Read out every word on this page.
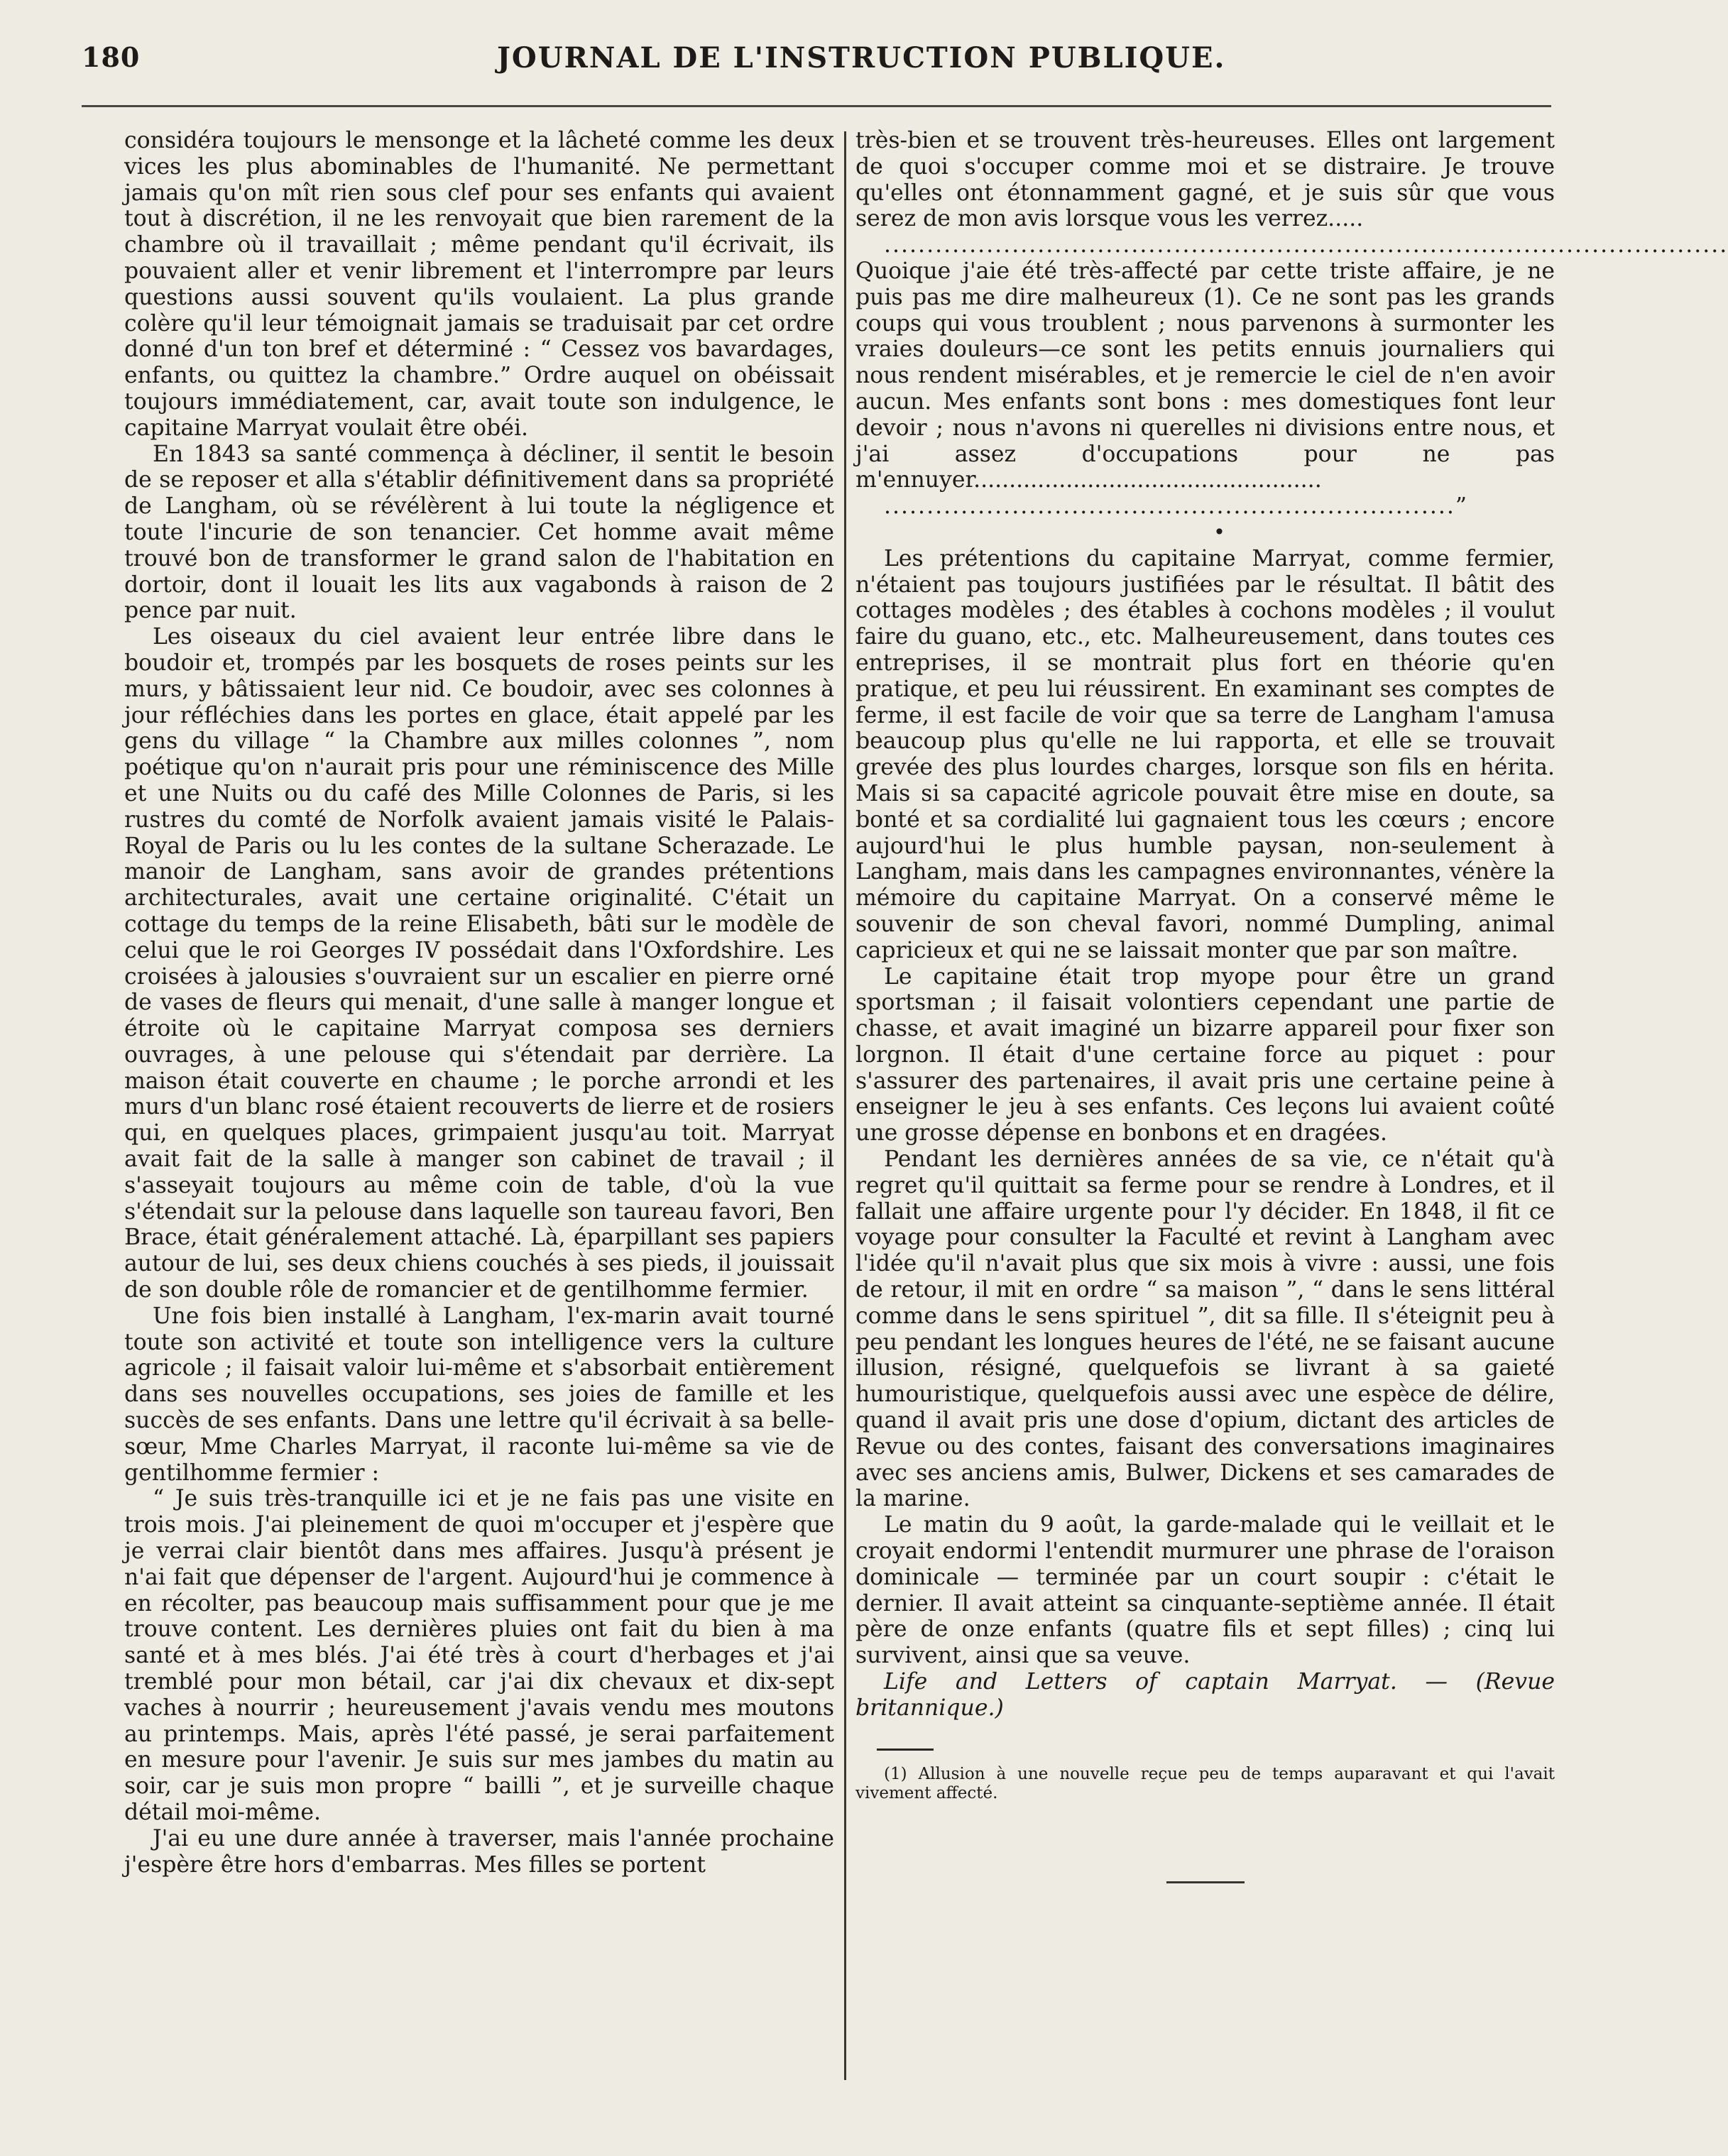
180	JOURNAL DE L'INSTRUCTION PUBLIQUE.

considéra toujours le mensonge et la lâcheté comme les deux vices les plus abominables de l'humanité. Ne permettant jamais qu'on mît rien sous clef pour ses enfants qui avaient tout à discrétion, il ne les renvoyait que bien rarement de la chambre où il travaillait ; même pendant qu'il écrivait, ils pouvaient aller et venir librement et l'interrompre par leurs questions aussi souvent qu'ils voulaient. La plus grande colère qu'il leur témoignait jamais se traduisait par cet ordre donné d'un ton bref et déterminé : “ Cessez vos bavardages, enfants, ou quittez la chambre.” Ordre auquel on obéissait toujours immédiatement, car, avait toute son indulgence, le capitaine Marryat voulait être obéi.

En 1843 sa santé commença à décliner, il sentit le besoin de se reposer et alla s'établir définitivement dans sa propriété de Langham, où se révélèrent à lui toute la négligence et toute l'incurie de son tenancier. Cet homme avait même trouvé bon de transformer le grand salon de l'habitation en dortoir, dont il louait les lits aux vagabonds à raison de 2 pence par nuit.

Les oiseaux du ciel avaient leur entrée libre dans le boudoir et, trompés par les bosquets de roses peints sur les murs, y bâtissaient leur nid. Ce boudoir, avec ses colonnes à jour réfléchies dans les portes en glace, était appelé par les gens du village “ la Chambre aux milles colonnes ”, nom poétique qu'on n'aurait pris pour une réminiscence des Mille et une Nuits ou du café des Mille Colonnes de Paris, si les rustres du comté de Norfolk avaient jamais visité le Palais-Royal de Paris ou lu les contes de la sultane Scherazade. Le manoir de Langham, sans avoir de grandes prétentions architecturales, avait une certaine originalité. C'était un cottage du temps de la reine Elisabeth, bâti sur le modèle de celui que le roi Georges IV possédait dans l'Oxfordshire. Les croisées à jalousies s'ouvraient sur un escalier en pierre orné de vases de fleurs qui menait, d'une salle à manger longue et étroite où le capitaine Marryat composa ses derniers ouvrages, à une pelouse qui s'étendait par derrière. La maison était couverte en chaume ; le porche arrondi et les murs d'un blanc rosé étaient recouverts de lierre et de rosiers qui, en quelques places, grimpaient jusqu'au toit. Marryat avait fait de la salle à manger son cabinet de travail ; il s'asseyait toujours au même coin de table, d'où la vue s'étendait sur la pelouse dans laquelle son taureau favori, Ben Brace, était généralement attaché. Là, éparpillant ses papiers autour de lui, ses deux chiens couchés à ses pieds, il jouissait de son double rôle de romancier et de gentilhomme fermier.

Une fois bien installé à Langham, l'ex-marin avait tourné toute son activité et toute son intelligence vers la culture agricole ; il faisait valoir lui-même et s'absorbait entièrement dans ses nouvelles occupations, ses joies de famille et les succès de ses enfants. Dans une lettre qu'il écrivait à sa belle-sœur, Mme Charles Marryat, il raconte lui-même sa vie de gentilhomme fermier :

“ Je suis très-tranquille ici et je ne fais pas une visite en trois mois. J'ai pleinement de quoi m'occuper et j'espère que je verrai clair bientôt dans mes affaires. Jusqu'à présent je n'ai fait que dépenser de l'argent. Aujourd'hui je commence à en récolter, pas beaucoup mais suffisamment pour que je me trouve content. Les dernières pluies ont fait du bien à ma santé et à mes blés. J'ai été très à court d'herbages et j'ai tremblé pour mon bétail, car j'ai dix chevaux et dix-sept vaches à nourrir ; heureusement j'avais vendu mes moutons au printemps. Mais, après l'été passé, je serai parfaitement en mesure pour l'avenir. Je suis sur mes jambes du matin au soir, car je suis mon propre “ bailli ”, et je surveille chaque détail moi-même.

J'ai eu une dure année à traverser, mais l'année prochaine j'espère être hors d'embarras. Mes filles se portent

très-bien et se trouvent très-heureuses. Elles ont largement de quoi s'occuper comme moi et se distraire. Je trouve qu'elles ont étonnamment gagné, et je suis sûr que vous serez de mon avis lorsque vous les verrez.....

...................................................................................................

Quoique j'aie été très-affecté par cette triste affaire, je ne puis pas me dire malheureux (1). Ce ne sont pas les grands coups qui vous troublent ; nous parvenons à surmonter les vraies douleurs—ce sont les petits ennuis journaliers qui nous rendent misérables, et je remercie le ciel de n'en avoir aucun. Mes enfants sont bons : mes domestiques font leur devoir ; nous n'avons ni querelles ni divisions entre nous, et j'ai assez d'occupations pour ne pas m'ennuyer.................................................

...................................................................”

•

Les prétentions du capitaine Marryat, comme fermier, n'étaient pas toujours justifiées par le résultat. Il bâtit des cottages modèles ; des étables à cochons modèles ; il voulut faire du guano, etc., etc. Malheureusement, dans toutes ces entreprises, il se montrait plus fort en théorie qu'en pratique, et peu lui réussirent. En examinant ses comptes de ferme, il est facile de voir que sa terre de Langham l'amusa beaucoup plus qu'elle ne lui rapporta, et elle se trouvait grevée des plus lourdes charges, lorsque son fils en hérita. Mais si sa capacité agricole pouvait être mise en doute, sa bonté et sa cordialité lui gagnaient tous les cœurs ; encore aujourd'hui le plus humble paysan, non-seulement à Langham, mais dans les campagnes environnantes, vénère la mémoire du capitaine Marryat. On a conservé même le souvenir de son cheval favori, nommé Dumpling, animal capricieux et qui ne se laissait monter que par son maître.

Le capitaine était trop myope pour être un grand sportsman ; il faisait volontiers cependant une partie de chasse, et avait imaginé un bizarre appareil pour fixer son lorgnon. Il était d'une certaine force au piquet : pour s'assurer des partenaires, il avait pris une certaine peine à enseigner le jeu à ses enfants. Ces leçons lui avaient coûté une grosse dépense en bonbons et en dragées.

Pendant les dernières années de sa vie, ce n'était qu'à regret qu'il quittait sa ferme pour se rendre à Londres, et il fallait une affaire urgente pour l'y décider. En 1848, il fit ce voyage pour consulter la Faculté et revint à Langham avec l'idée qu'il n'avait plus que six mois à vivre : aussi, une fois de retour, il mit en ordre “ sa maison ”, “ dans le sens littéral comme dans le sens spirituel ”, dit sa fille. Il s'éteignit peu à peu pendant les longues heures de l'été, ne se faisant aucune illusion, résigné, quelquefois se livrant à sa gaieté humouristique, quelquefois aussi avec une espèce de délire, quand il avait pris une dose d'opium, dictant des articles de Revue ou des contes, faisant des conversations imaginaires avec ses anciens amis, Bulwer, Dickens et ses camarades de la marine.

Le matin du 9 août, la garde-malade qui le veillait et le croyait endormi l'entendit murmurer une phrase de l'oraison dominicale — terminée par un court soupir : c'était le dernier. Il avait atteint sa cinquante-septième année. Il était père de onze enfants (quatre fils et sept filles) ; cinq lui survivent, ainsi que sa veuve.

Life and Letters of captain Marryat. — (Revue britannique.)

(1) Allusion à une nouvelle reçue peu de temps auparavant et qui l'avait vivement affecté.
